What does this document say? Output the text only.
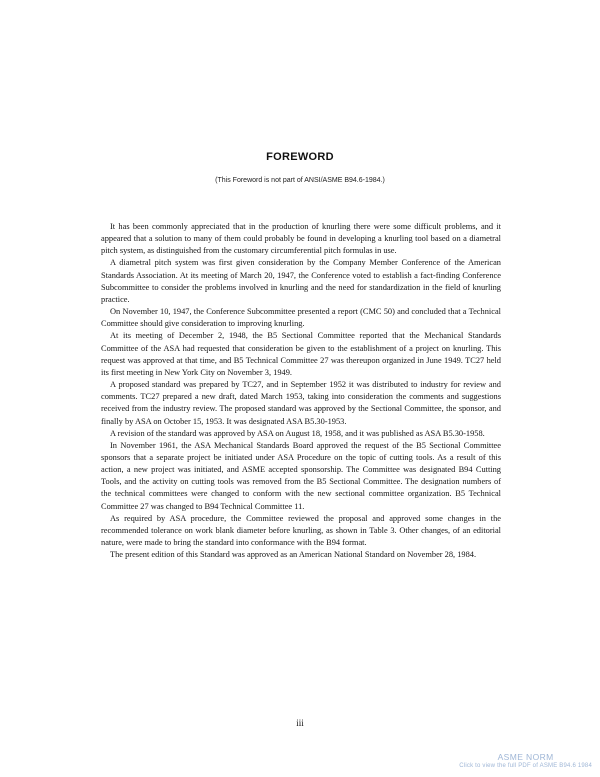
FOREWORD
(This Foreword is not part of ANSI/ASME B94.6-1984.)

It has been commonly appreciated that in the production of knurling there were some difficult problems, and it appeared that a solution to many of them could probably be found in developing a knurling tool based on a diametral pitch system, as distinguished from the customary circumferential pitch formulas in use.

A diametral pitch system was first given consideration by the Company Member Conference of the American Standards Association. At its meeting of March 20, 1947, the Conference voted to establish a fact-finding Conference Subcommittee to consider the problems involved in knurling and the need for standardization in the field of knurling practice.

On November 10, 1947, the Conference Subcommittee presented a report (CMC 50) and concluded that a Technical Committee should give consideration to improving knurling.

At its meeting of December 2, 1948, the B5 Sectional Committee reported that the Mechanical Standards Committee of the ASA had requested that consideration be given to the establishment of a project on knurling. This request was approved at that time, and B5 Technical Committee 27 was thereupon organized in June 1949. TC27 held its first meeting in New York City on November 3, 1949.

A proposed standard was prepared by TC27, and in September 1952 it was distributed to industry for review and comments. TC27 prepared a new draft, dated March 1953, taking into consideration the comments and suggestions received from the industry review. The proposed standard was approved by the Sectional Committee, the sponsor, and finally by ASA on October 15, 1953. It was designated ASA B5.30-1953.

A revision of the standard was approved by ASA on August 18, 1958, and it was published as ASA B5.30-1958.

In November 1961, the ASA Mechanical Standards Board approved the request of the B5 Sectional Committee sponsors that a separate project be initiated under ASA Procedure on the topic of cutting tools. As a result of this action, a new project was initiated, and ASME accepted sponsorship. The Committee was designated B94 Cutting Tools, and the activity on cutting tools was removed from the B5 Sectional Committee. The designation numbers of the technical committees were changed to conform with the new sectional committee organization. B5 Technical Committee 27 was changed to B94 Technical Committee 11.

As required by ASA procedure, the Committee reviewed the proposal and approved some changes in the recommended tolerance on work blank diameter before knurling, as shown in Table 3. Other changes, of an editorial nature, were made to bring the standard into conformance with the B94 format.

The present edition of this Standard was approved as an American National Standard on November 28, 1984.

iii
ASME NORM
Click to view the full PDF of ASME B94.6 1984
